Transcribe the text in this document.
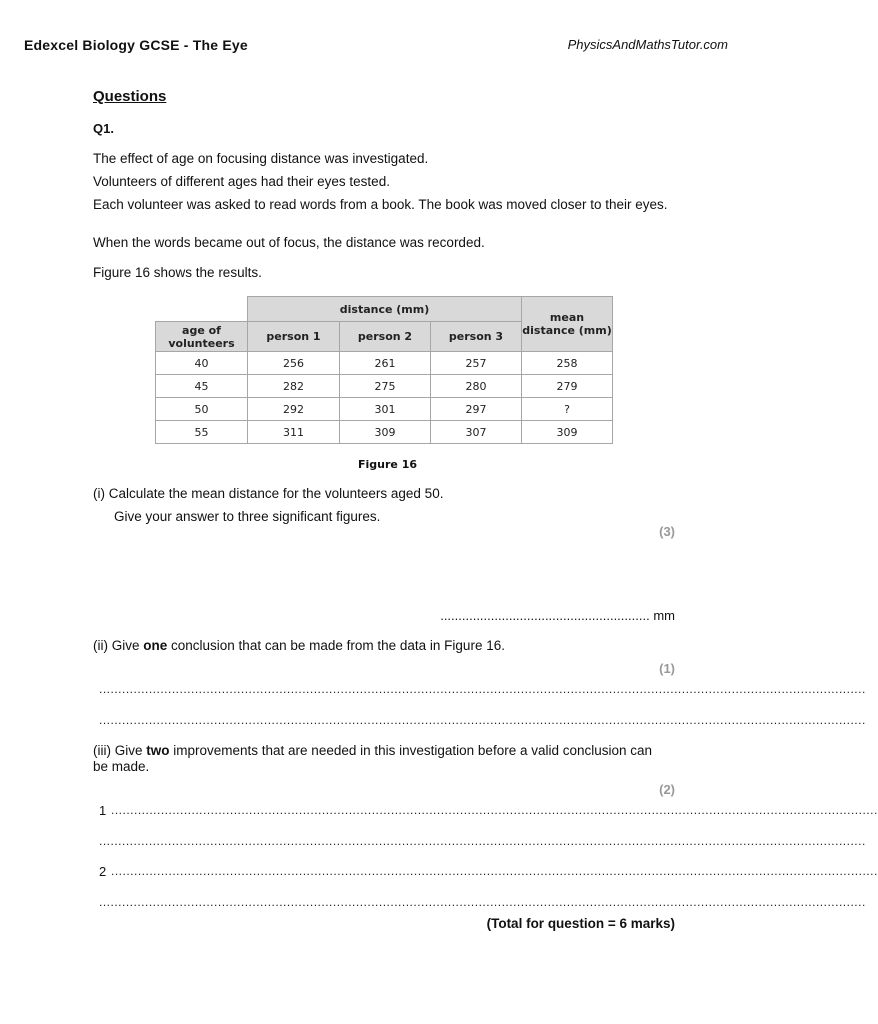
Edexcel Biology GCSE - The Eye	PhysicsAndMathsTutor.com
Questions
Q1.
The effect of age on focusing distance was investigated.
Volunteers of different ages had their eyes tested.
Each volunteer was asked to read words from a book. The book was moved closer to their eyes.
When the words became out of focus, the distance was recorded.
Figure 16 shows the results.
	distance (mm)			mean distance (mm)
age of volunteers	person 1	person 2	person 3	
40	256	261	257	258
45	282	275	280	279
50	292	301	297	?
55	311	309	307	309
Figure 16
(i) Calculate the mean distance for the volunteers aged 50.
Give your answer to three significant figures.
(3)
.......................................................... mm
(ii) Give one conclusion that can be made from the data in Figure 16.
(1)
........................................................................................................................................................................................................
........................................................................................................................................................................................................
(iii) Give two improvements that are needed in this investigation before a valid conclusion can be made.
(2)
1 ........................................................................................................................................................................................................
........................................................................................................................................................................................................
2 ........................................................................................................................................................................................................
........................................................................................................................................................................................................
(Total for question = 6 marks)
